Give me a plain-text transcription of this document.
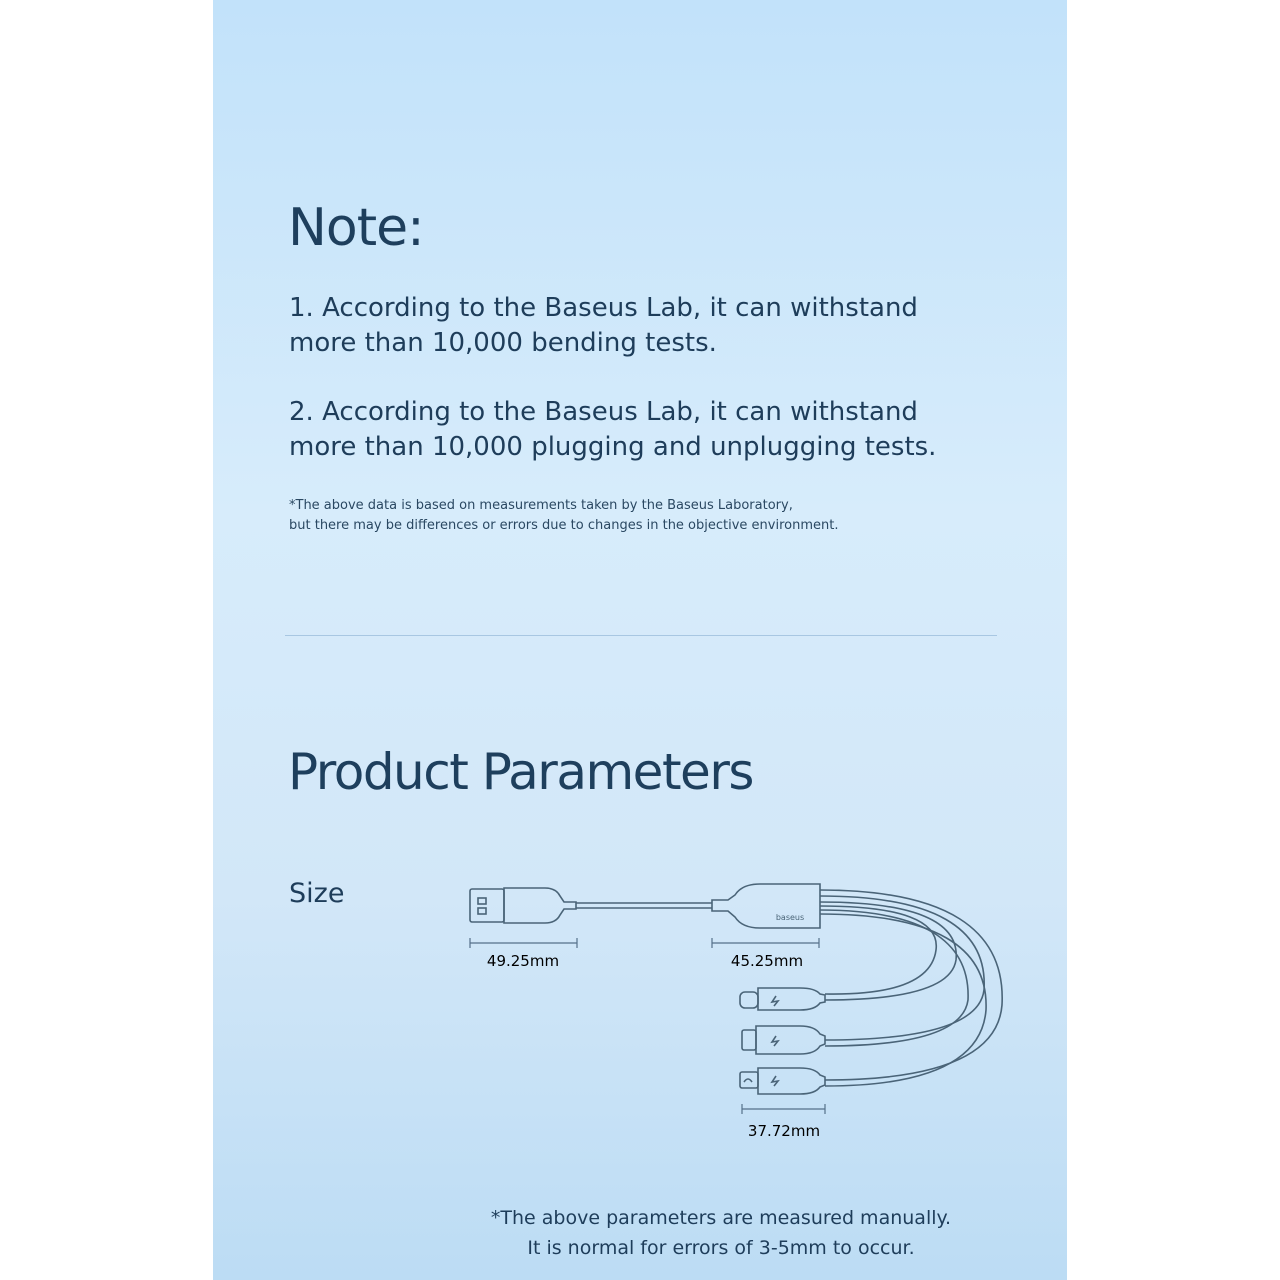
Note:
1. According to the Baseus Lab, it can withstand more than 10,000 bending tests.
2. According to the Baseus Lab, it can withstand more than 10,000 plugging and unplugging tests.
*The above data is based on measurements taken by the Baseus Laboratory,
but there may be differences or errors due to changes in the objective environment.
Product Parameters
Size
baseus
49.25mm	45.25mm
37.72mm
*The above parameters are measured manually.
It is normal for errors of 3-5mm to occur.
